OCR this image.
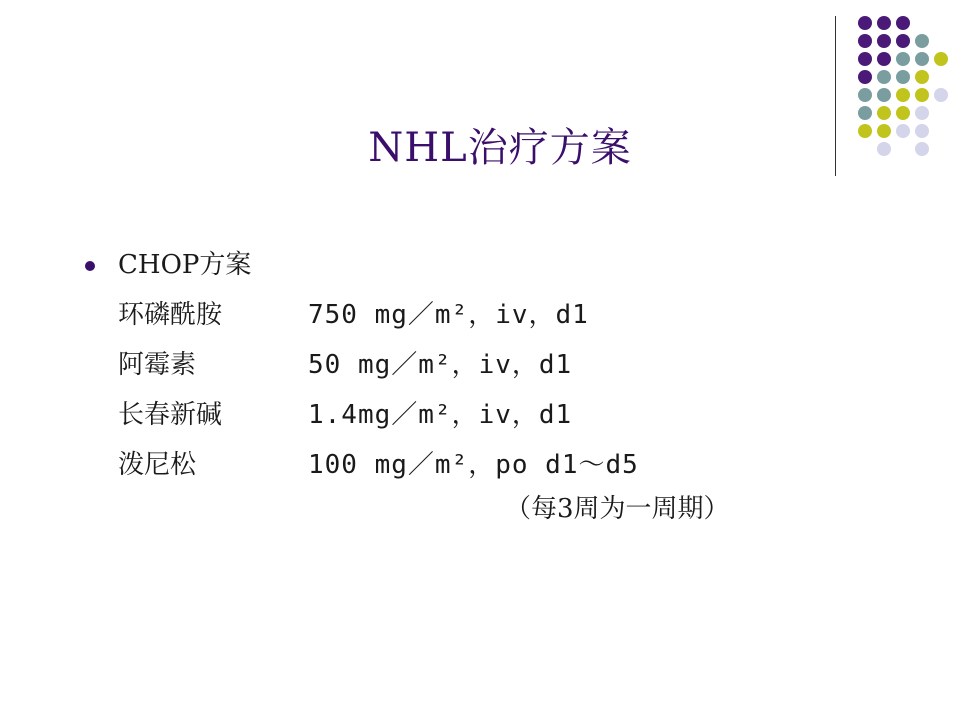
NHL治疗方案
CHOP方案
环磷酰胺	750 mg／m²，iv，d1
阿霉素	50 mg／m²，iv，d1
长春新碱	1.4mg／m²，iv，d1
泼尼松	100 mg／m²，po d1～d5
（每3周为一周期）
